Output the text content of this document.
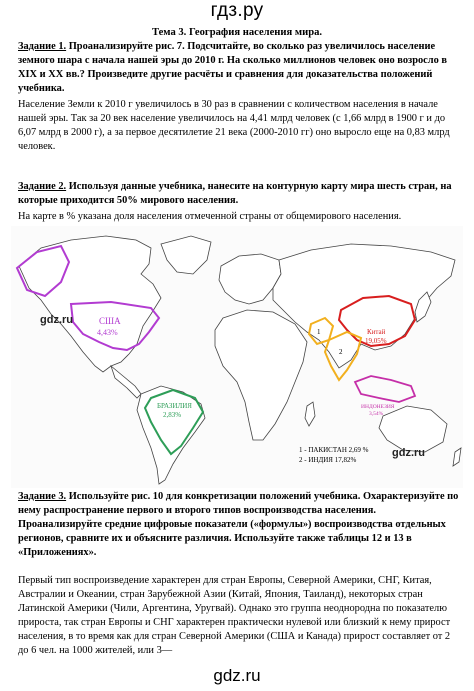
гдз.ру
Тема 3. География населения мира.
Задание 1. Проанализируйте рис. 7. Подсчитайте, во сколько раз увеличилось население земного шара с начала нашей эры до 2010 г. На сколько миллионов человек оно возросло в XIX и XX вв.? Произведите другие расчёты и сравнения для доказательства положений учебника.
Население Земли к 2010 г увеличилось в 30 раз в сравнении с количеством населения в начале нашей эры. Так за 20 век население увеличилось на 4,41 млрд человек (с 1,66 млрд в 1900 г и до 6,07 млрд в 2000 г), а за первое десятилетие 21 века (2000-2010 гг) оно выросло еще на 0,83 млрд человек.
Задание 2. Используя данные учебника, нанесите на контурную карту мира шесть стран, на которые приходится 50% мирового населения.
На карте в % указана доля населения отмеченной страны от общемирового населения.
США
4,43%
БРАЗИЛИЯ
2,83%
Китай
19,05%
ИНДОНЕЗИЯ
3,54%
1
2
1 - ПАКИСТАН 2,69 %
2 - ИНДИЯ 17,82%
gdz.ru
gdz.ru
Задание 3. Используйте рис. 10 для конкретизации положений учебника. Охарактеризуйте по нему распространение первого и второго типов воспроизводства населения. Проанализируйте средние цифровые показатели («формулы») воспроизводства отдельных регионов, сравните их и объясните различия. Используйте также таблицы 12 и 13 в «Приложениях».
Первый тип воспроизведение характерен для стран Европы, Северной Америки, СНГ, Китая, Австралии и Океании, стран Зарубежной Азии (Китай, Япония, Таиланд), некоторых стран Латинской Америки (Чили, Аргентина, Уругвай). Однако это группа неоднородна по показателю прироста, так стран Европы и СНГ характерен практически нулевой или близкий к нему прирост населения, в то время как для стран Северной Америки (США и Канада) прирост составляет от 2 до 6 чел. на 1000 жителей, или 3—
gdz.ru
